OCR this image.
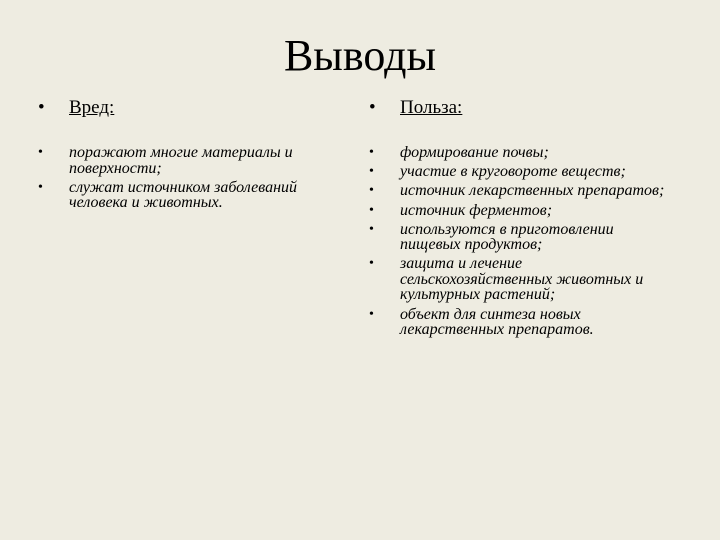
Выводы
•	Вред:	•	Польза:
•	поражают многие материалы и поверхности;
•	служат источником заболеваний человека и животных.
•	формирование почвы;
•	участие в круговороте веществ;
•	источник лекарственных препаратов;
•	источник ферментов;
•	используются в приготовлении пищевых продуктов;
•	защита и лечение сельскохозяйственных животных и культурных растений;
•	объект для синтеза новых лекарственных препаратов.
